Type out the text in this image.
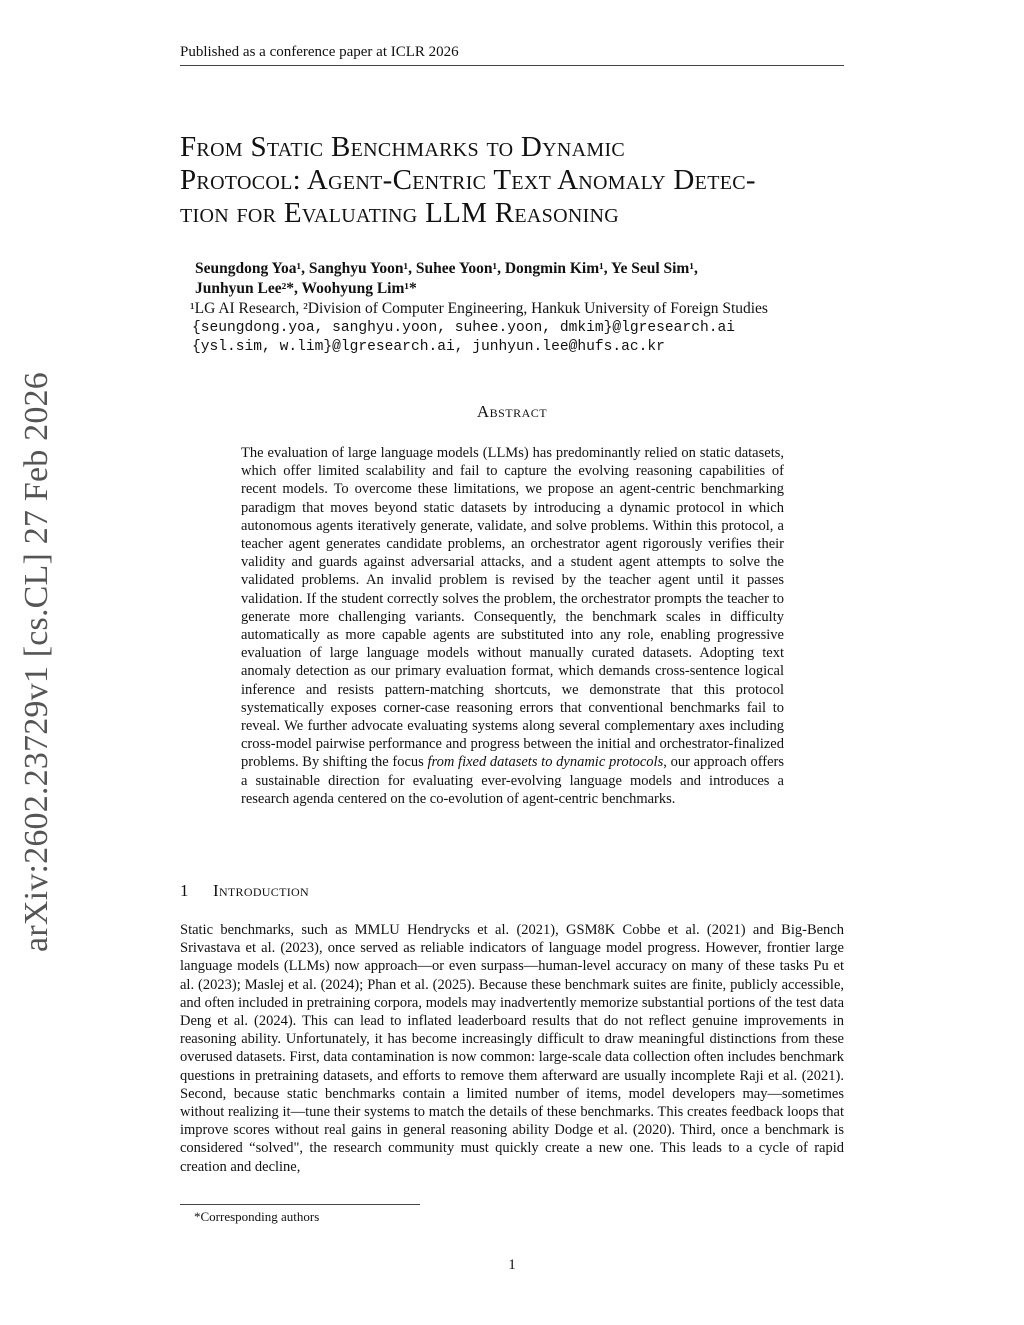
Published as a conference paper at ICLR 2026
arXiv:2602.23729v1 [cs.CL] 27 Feb 2026
From Static Benchmarks to Dynamic
Protocol: Agent-Centric Text Anomaly Detec-
tion for Evaluating LLM Reasoning
Seungdong Yoa¹, Sanghyu Yoon¹, Suhee Yoon¹, Dongmin Kim¹, Ye Seul Sim¹,
Junhyun Lee²*, Woohyung Lim¹*
¹LG AI Research, ²Division of Computer Engineering, Hankuk University of Foreign Studies
{seungdong.yoa, sanghyu.yoon, suhee.yoon, dmkim}@lgresearch.ai
{ysl.sim, w.lim}@lgresearch.ai, junhyun.lee@hufs.ac.kr
Abstract

The evaluation of large language models (LLMs) has predominantly relied on static datasets, which offer limited scalability and fail to capture the evolving reasoning capabilities of recent models. To overcome these limitations, we propose an agent-centric benchmarking paradigm that moves beyond static datasets by introducing a dynamic protocol in which autonomous agents iteratively generate, validate, and solve problems. Within this protocol, a teacher agent generates candidate problems, an orchestrator agent rigorously verifies their validity and guards against adversarial attacks, and a student agent attempts to solve the validated problems. An invalid problem is revised by the teacher agent until it passes validation. If the student correctly solves the problem, the orchestrator prompts the teacher to generate more challenging variants. Consequently, the benchmark scales in difficulty automatically as more capable agents are substituted into any role, enabling progressive evaluation of large language models without manually curated datasets. Adopting text anomaly detection as our primary evaluation format, which demands cross-sentence logical inference and resists pattern-matching shortcuts, we demonstrate that this protocol systematically exposes corner-case reasoning errors that conventional benchmarks fail to reveal. We further advocate evaluating systems along several complementary axes including cross-model pairwise performance and progress between the initial and orchestrator-finalized problems. By shifting the focus from fixed datasets to dynamic protocols, our approach offers a sustainable direction for evaluating ever-evolving language models and introduces a research agenda centered on the co-evolution of agent-centric benchmarks.

1 Introduction

Static benchmarks, such as MMLU Hendrycks et al. (2021), GSM8K Cobbe et al. (2021) and Big-Bench Srivastava et al. (2023), once served as reliable indicators of language model progress. However, frontier large language models (LLMs) now approach—or even surpass—human-level accuracy on many of these tasks Pu et al. (2023); Maslej et al. (2024); Phan et al. (2025). Because these benchmark suites are finite, publicly accessible, and often included in pretraining corpora, models may inadvertently memorize substantial portions of the test data Deng et al. (2024). This can lead to inflated leaderboard results that do not reflect genuine improvements in reasoning ability. Unfortunately, it has become increasingly difficult to draw meaningful distinctions from these overused datasets. First, data contamination is now common: large-scale data collection often includes benchmark questions in pretraining datasets, and efforts to remove them afterward are usually incomplete Raji et al. (2021). Second, because static benchmarks contain a limited number of items, model developers may—sometimes without realizing it—tune their systems to match the details of these benchmarks. This creates feedback loops that improve scores without real gains in general reasoning ability Dodge et al. (2020). Third, once a benchmark is considered “solved", the research community must quickly create a new one. This leads to a cycle of rapid creation and decline,

*Corresponding authors
1
